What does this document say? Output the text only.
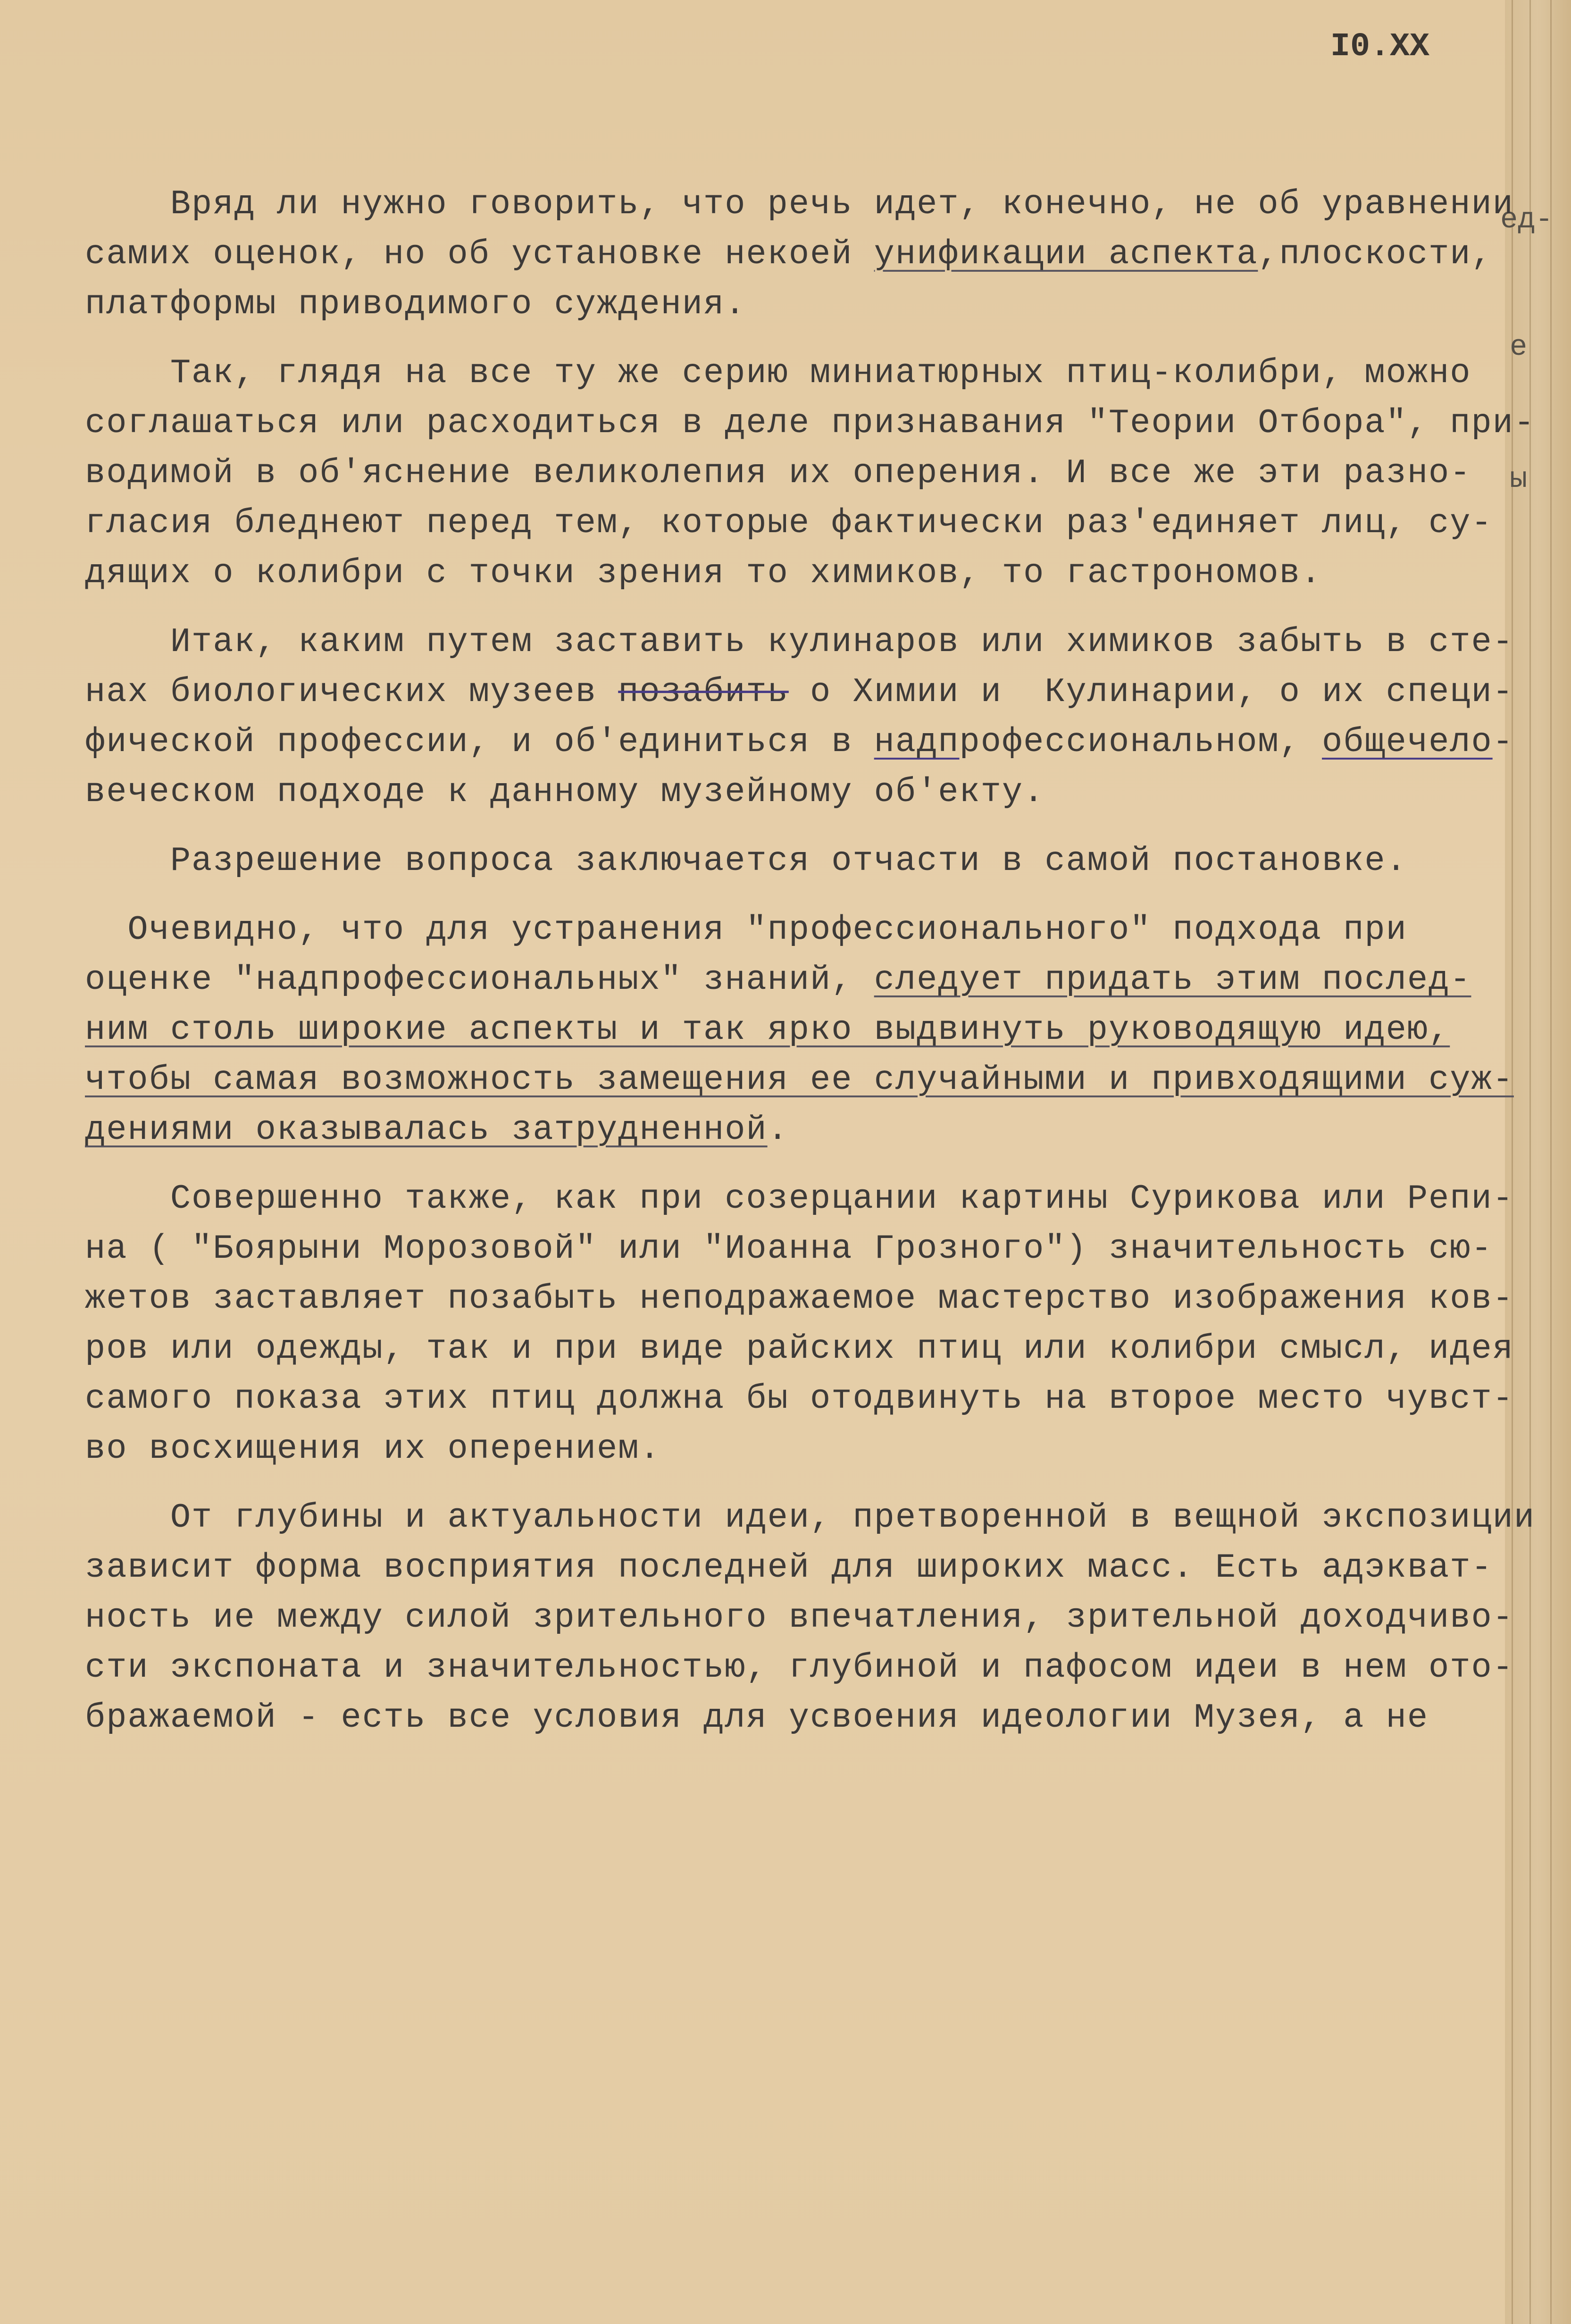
I0.XX
ед-
е
ы
Вряд ли нужно говорить, что речь идет, конечно, не об уравнении
самих оценок, но об установке некоей унификации аспекта,плоскости,
платформы приводимого суждения.
Так, глядя на все ту же серию миниатюрных птиц-колибри, можно
соглашаться или расходиться в деле признавания "Теории Отбора", при-
водимой в об'яснение великолепия их оперения. И все же эти разно-
гласия бледнеют перед тем, которые фактически раз'единяет лиц, су-
дящих о колибри с точки зрения то химиков, то гастрономов.
Итак, каким путем заставить кулинаров или химиков забыть в сте-
нах биологических музеев позабить о Химии и  Кулинарии, о их специ-
фической профессии, и об'единиться в надпрофессиональном, общечело-
веческом подходе к данному музейному об'екту.
Разрешение вопроса заключается отчасти в самой постановке.
Очевидно, что для устранения "профессионального" подхода при
оценке "надпрофессиональных" знаний, следует придать этим послед-
ним столь широкие аспекты и так ярко выдвинуть руководящую идею,
чтобы самая возможность замещения ее случайными и привходящими суж-
дениями оказывалась затрудненной.
Совершенно также, как при созерцании картины Сурикова или Репи-
на ( "Боярыни Морозовой" или "Иоанна Грозного") значительность сю-
жетов заставляет позабыть неподражаемое мастерство изображения ков-
ров или одежды, так и при виде райских птиц или колибри смысл, идея
самого показа этих птиц должна бы отодвинуть на второе место чувст-
во восхищения их оперением.
От глубины и актуальности идеи, претворенной в вещной экспозиции
зависит форма восприятия последней для широких масс. Есть адэкват-
ность ие между силой зрительного впечатления, зрительной доходчиво-
сти экспоната и значительностью, глубиной и пафосом идеи в нем ото-
бражаемой - есть все условия для усвоения идеологии Музея, а не
